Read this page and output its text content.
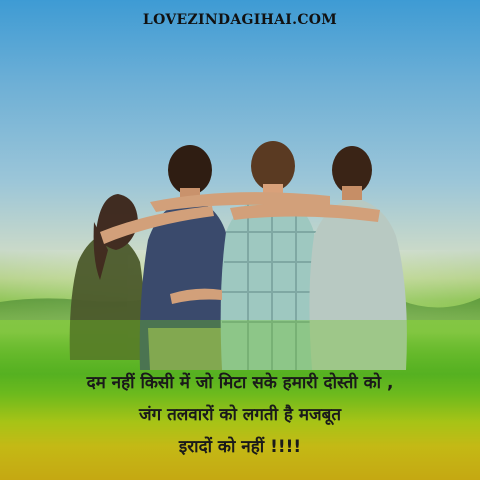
LOVEZINDAGIHAI.COM
दम नहीं किसी में जो मिटा सके हमारी दोस्ती को ,
जंग तलवारों को लगती है मजबूत
इरादों को नहीं !!!!
